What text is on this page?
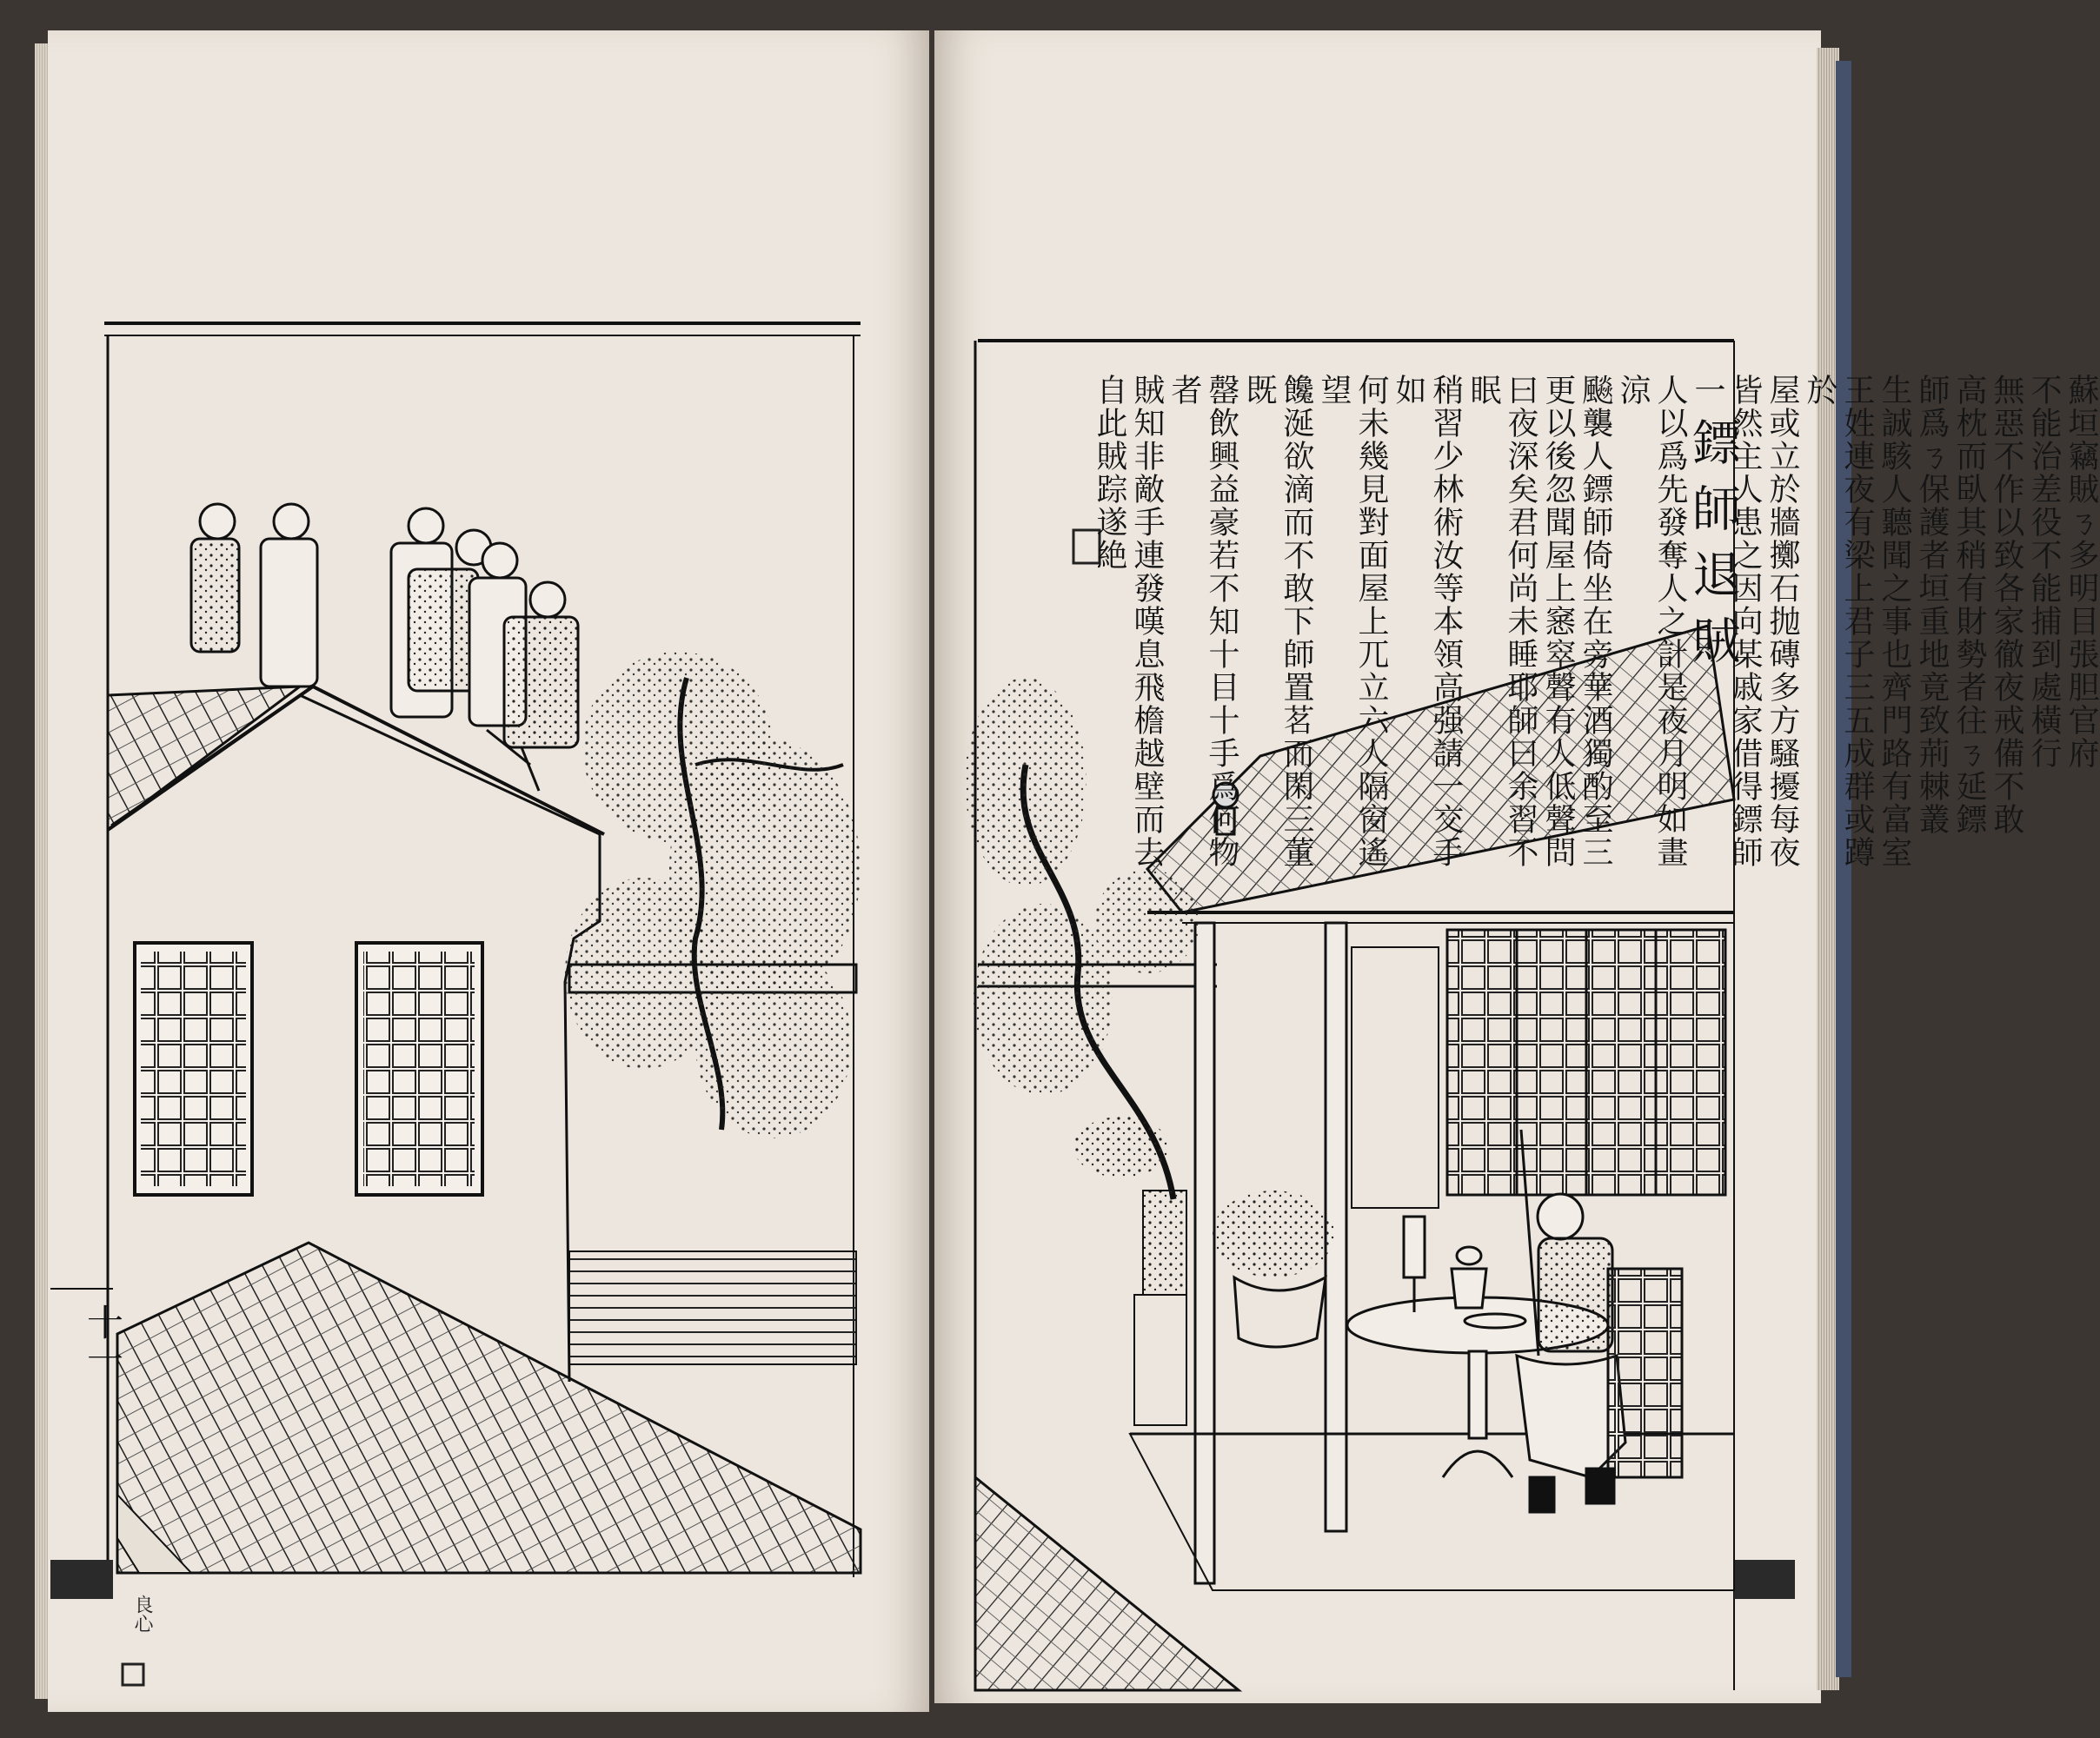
鏢師退賊	蘇垣竊賊ㄋ多明目張胆官府
不能治差役不能捕到處橫行
無惡不作以致各家徹夜戒備不敢
高枕而臥其稍有財勢者往ㄋ延鏢
師爲ㄋ保護者垣重地竟致荊棘叢
生誠駭人聽聞之事也齊門路有富室
王姓連夜有梁上君子三五成群或蹲於
屋或立於牆擲石抛磚多方騷擾每夜
皆然主人患之因向某戚家借得鏢師一
人以爲先發奪人之計是夜月明如畫涼
飈襲人鏢師倚坐在旁華酒獨酌至三
更以後忽聞屋上窸窣聲有人低聲問
曰夜深矣君何尚未睡耶師曰余習不眠
稍習少林術汝等本領高强請一交手如
何未幾見對面屋上兀立六人隔窗遙望
饞涎欲滴而不敢下師置茗而閑三董既
罄飲興益豪若不知十目十手爲何物者
賊知非敵手連發嘆息飛檐越壁而去
自此賊踪遂絶
十一
良心
